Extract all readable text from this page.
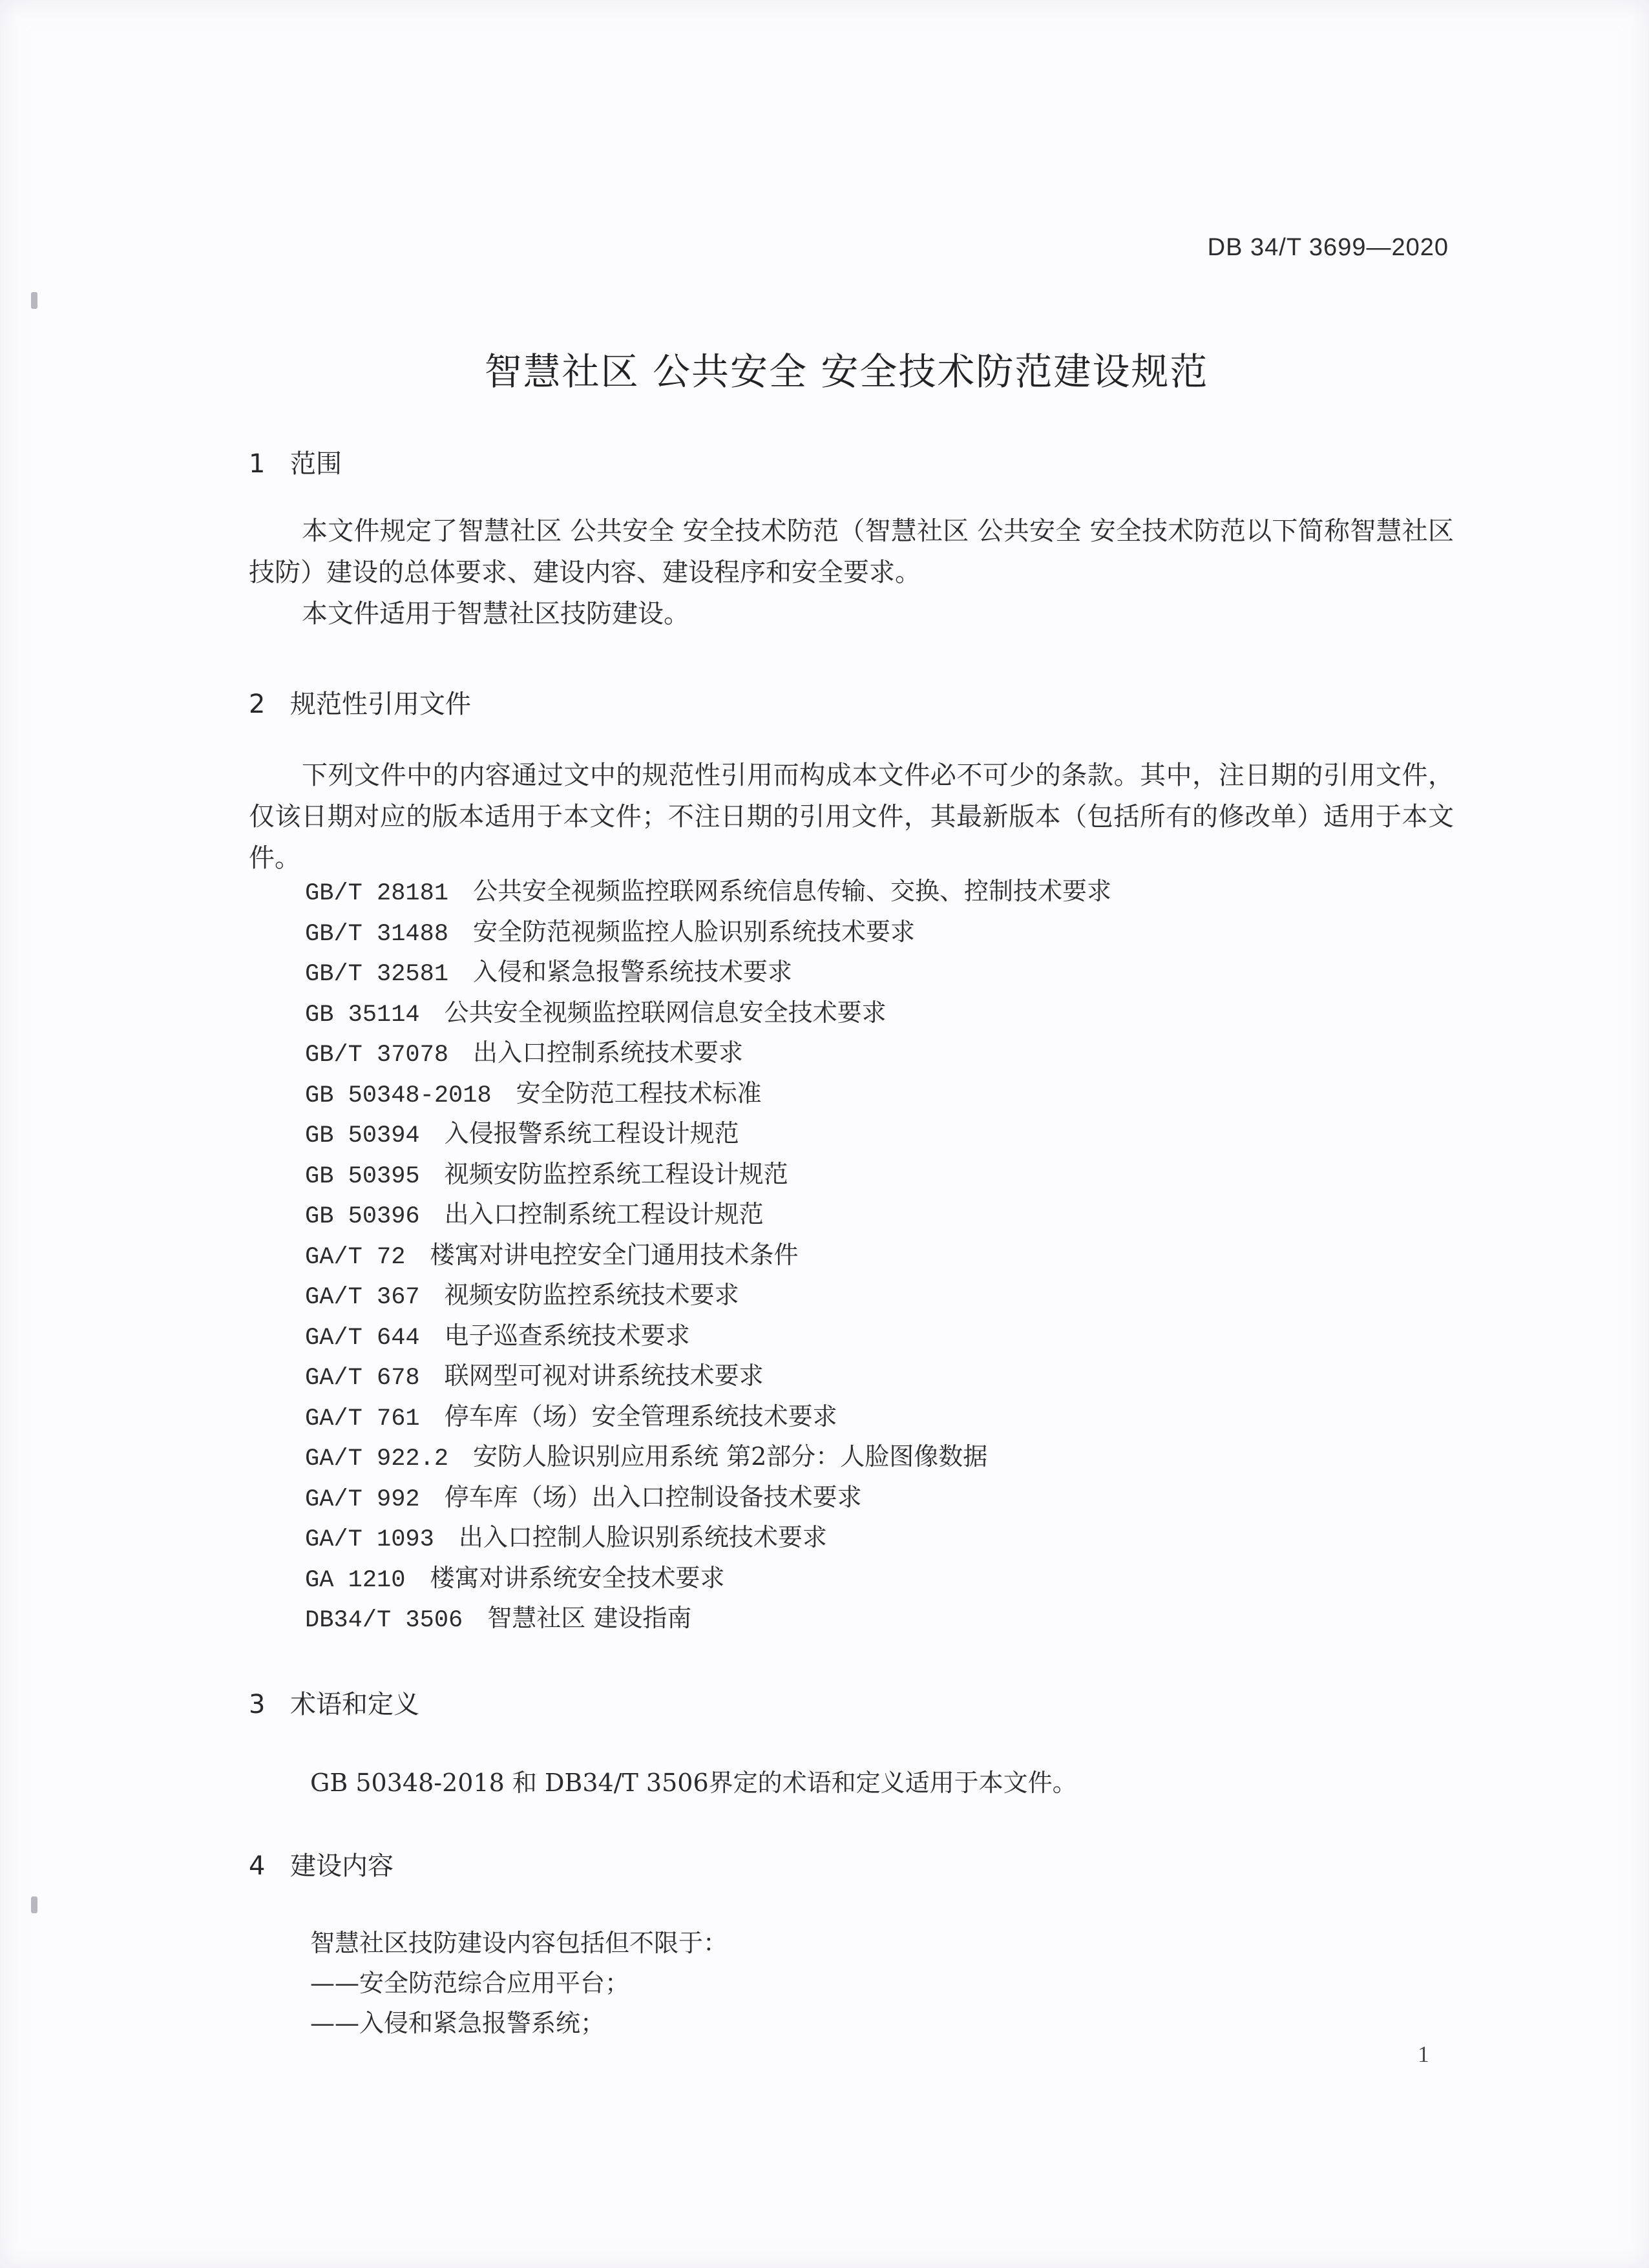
DB 34/T 3699—2020
智慧社区 公共安全 安全技术防范建设规范
1 范围

本文件规定了智慧社区 公共安全 安全技术防范（智慧社区 公共安全 安全技术防范以下简称智慧社区技防）建设的总体要求、建设内容、建设程序和安全要求。

本文件适用于智慧社区技防建设。

2 规范性引用文件

下列文件中的内容通过文中的规范性引用而构成本文件必不可少的条款。其中，注日期的引用文件，仅该日期对应的版本适用于本文件；不注日期的引用文件，其最新版本（包括所有的修改单）适用于本文件。

GB/T 28181 公共安全视频监控联网系统信息传输、交换、控制技术要求
GB/T 31488 安全防范视频监控人脸识别系统技术要求
GB/T 32581 入侵和紧急报警系统技术要求
GB 35114 公共安全视频监控联网信息安全技术要求
GB/T 37078 出入口控制系统技术要求
GB 50348-2018 安全防范工程技术标准
GB 50394 入侵报警系统工程设计规范
GB 50395 视频安防监控系统工程设计规范
GB 50396 出入口控制系统工程设计规范
GA/T 72 楼寓对讲电控安全门通用技术条件
GA/T 367 视频安防监控系统技术要求
GA/T 644 电子巡查系统技术要求
GA/T 678 联网型可视对讲系统技术要求
GA/T 761 停车库（场）安全管理系统技术要求
GA/T 922.2 安防人脸识别应用系统 第2部分：人脸图像数据
GA/T 992 停车库（场）出入口控制设备技术要求
GA/T 1093 出入口控制人脸识别系统技术要求
GA 1210 楼寓对讲系统安全技术要求
DB34/T 3506 智慧社区 建设指南
3 术语和定义
GB 50348-2018 和 DB34/T 3506界定的术语和定义适用于本文件。
4 建设内容
智慧社区技防建设内容包括但不限于：
——安全防范综合应用平台；
——入侵和紧急报警系统；
1
